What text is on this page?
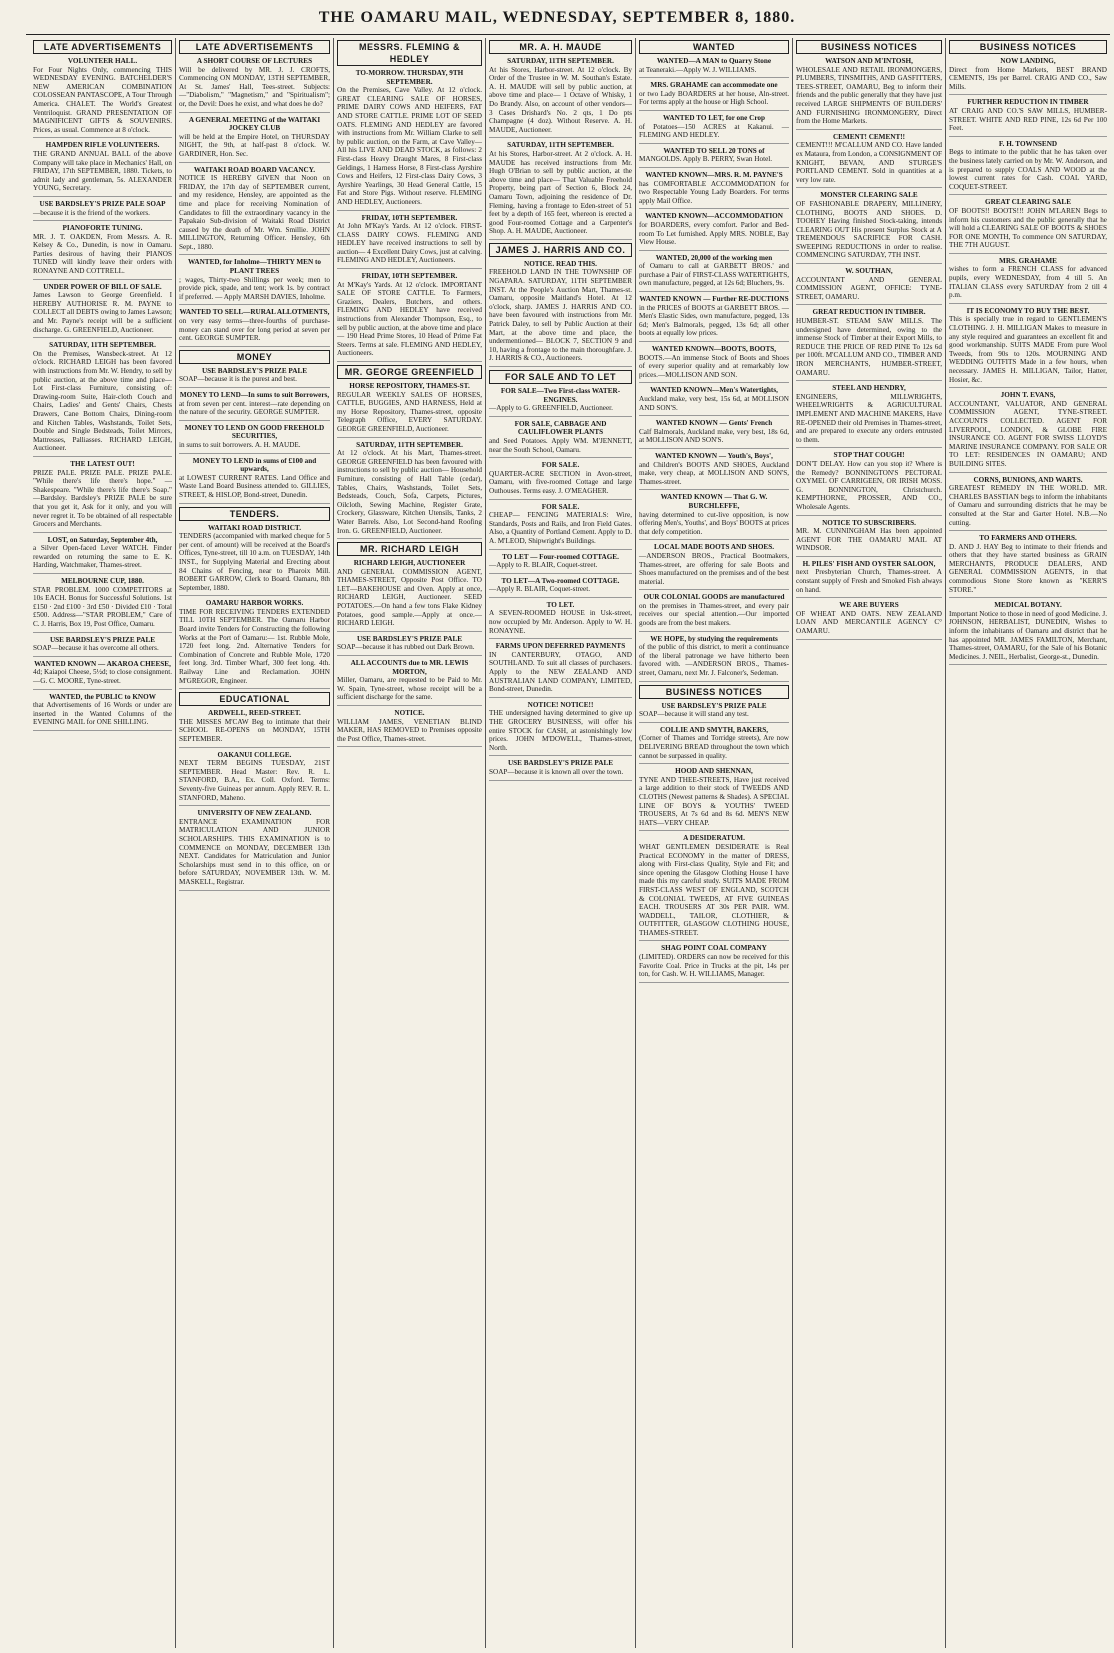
THE OAMARU MAIL, WEDNESDAY, SEPTEMBER 8, 1880.
LATE ADVERTISEMENTS
VOLUNTEER HALL.
For Four Nights Only, commencing THIS WEDNESDAY EVENING. BATCHELDER'S NEW AMERICAN COMBINATION COLOSSEAN PANTASCOPE, A Tour Through America. CHALET. The World's Greatest Ventriloquist. GRAND PRESENTATION OF MAGNIFICENT GIFTS & SOUVENIRS. Prices, as usual. Commence at 8 o'clock.
HAMPDEN RIFLE VOLUNTEERS.
THE GRAND ANNUAL BALL of the above Company will take place in Mechanics' Hall, on FRIDAY, 17th SEPTEMBER, 1880. Tickets, to admit lady and gentleman, 5s. ALEXANDER YOUNG, Secretary.
USE BARDSLEY'S PRIZE PALE SOAP
—because it is the friend of the workers.
PIANOFORTE TUNING.
MR. J. T. OAKDEN, From Messrs. A. R. Kelsey & Co., Dunedin, is now in Oamaru. Parties desirous of having their PIANOS TUNED will kindly leave their orders with RONAYNE AND COTTRELL.
UNDER POWER OF BILL OF SALE.
James Lawson to George Greenfield. I HEREBY AUTHORISE R. M. PAYNE to COLLECT all DEBTS owing to James Lawson; and Mr. Payne's receipt will be a sufficient discharge. G. GREENFIELD, Auctioneer.
SATURDAY, 11TH SEPTEMBER.
On the Premises, Wansbeck-street. At 12 o'clock. RICHARD LEIGH has been favored with instructions from Mr. W. Hendry, to sell by public auction, at the above time and place— Lot First-class Furniture, consisting of: Drawing-room Suite, Hair-cloth Couch and Chairs, Ladies' and Gents' Chairs, Chests Drawers, Cane Bottom Chairs, Dining-room and Kitchen Tables, Washstands, Toilet Sets, Double and Single Bedsteads, Toilet Mirrors, Mattresses, Palliasses. RICHARD LEIGH, Auctioneer.
THE LATEST OUT!
PRIZE PALE. PRIZE PALE. PRIZE PALE. "While there's life there's hope." —Shakespeare. "While there's life there's Soap." —Bardsley. Bardsley's PRIZE PALE be sure that you get it, Ask for it only, and you will never regret it. To be obtained of all respectable Grocers and Merchants.
LOST, on Saturday, September 4th,
a Silver Open-faced Lever WATCH. Finder rewarded on returning the same to E. K. Harding, Watchmaker, Thames-street.
MELBOURNE CUP, 1880.
STAR PROBLEM. 1000 COMPETITORS at 10s EACH. Bonus for Successful Solutions. 1st £150 · 2nd £100 · 3rd £50 · Divided £10 · Total £500. Address—"STAR PROBLEM," Care of C. J. Harris, Box 19, Post Office, Oamaru.
USE BARDSLEY'S PRIZE PALE
SOAP—because it has overcome all others.
WANTED KNOWN — AKAROA CHEESE,
4d; Kaiapoi Cheese, 5½d; to close consignment.—G. C. MOORE, Tyne-street.
WANTED, the PUBLIC to KNOW
that Advertisements of 16 Words or under are inserted in the Wanted Columns of the EVENING MAIL for ONE SHILLING.
LATE ADVERTISEMENTS
A SHORT COURSE OF LECTURES
Will be delivered by MR. J. J. CROFTS, Commencing ON MONDAY, 13TH SEPTEMBER, At St. James' Hall, Tees-street. Subjects:—"Diabolism," "Magnetism," and "Spiritualism"; or, the Devil: Does he exist, and what does he do?
A GENERAL MEETING of the WAITAKI JOCKEY CLUB
will be held at the Empire Hotel, on THURSDAY NIGHT, the 9th, at half-past 8 o'clock. W. GARDINER, Hon. Sec.
WAITAKI ROAD BOARD VACANCY.
NOTICE IS HEREBY GIVEN that Noon on FRIDAY, the 17th day of SEPTEMBER current, and my residence, Hensley, are appointed as the time and place for receiving Nomination of Candidates to fill the extraordinary vacancy in the Papakaio Sub-division of Waitaki Road District caused by the death of Mr. Wm. Smillie. JOHN MILLINGTON, Returning Officer. Hensley, 6th Sept., 1880.
WANTED, for Inholme—THIRTY MEN to PLANT TREES
; wages, Thirty-two Shillings per week; men to provide pick, spade, and tent; work 1s. by contract if preferred. — Apply MARSH DAVIES, Inholme.
WANTED TO SELL—RURAL ALLOTMENTS,
on very easy terms—three-fourths of purchase-money can stand over for long period at seven per cent. GEORGE SUMPTER.
MONEY
USE BARDSLEY'S PRIZE PALE
SOAP—because it is the purest and best.
MONEY TO LEND—In sums to suit Borrowers,
at from seven per cent. interest—rate depending on the nature of the security. GEORGE SUMPTER.
MONEY TO LEND ON GOOD FREEHOLD SECURITIES,
in sums to suit borrowers. A. H. MAUDE.
MONEY TO LEND in sums of £100 and upwards,
at LOWEST CURRENT RATES. Land Office and Waste Land Board Business attended to. GILLIES, STREET, & HISLOP, Bond-street, Dunedin.
TENDERS.
WAITAKI ROAD DISTRICT.
TENDERS (accompanied with marked cheque for 5 per cent. of amount) will be received at the Board's Offices, Tyne-street, till 10 a.m. on TUESDAY, 14th INST., for Supplying Material and Erecting about 84 Chains of Fencing, near to Pharoix Mill. ROBERT GARROW, Clerk to Board. Oamaru, 8th September, 1880.
OAMARU HARBOR WORKS.
TIME FOR RECEIVING TENDERS EXTENDED TILL 10TH SEPTEMBER. The Oamaru Harbor Board invite Tenders for Constructing the following Works at the Port of Oamaru:— 1st. Rubble Mole, 1720 feet long. 2nd. Alternative Tenders for Combination of Concrete and Rubble Mole, 1720 feet long. 3rd. Timber Wharf, 300 feet long. 4th. Railway Line and Reclamation. JOHN M'GREGOR, Engineer.
EDUCATIONAL
ARDWELL, REED-STREET.
THE MISSES M'CAW Beg to intimate that their SCHOOL RE-OPENS on MONDAY, 15TH SEPTEMBER.
OAKANUI COLLEGE.
NEXT TERM BEGINS TUESDAY, 21ST SEPTEMBER. Head Master: Rev. R. L. STANFORD, B.A., Ex. Coll. Oxford. Terms: Seventy-five Guineas per annum. Apply REV. R. L. STANFORD, Maheno.
UNIVERSITY OF NEW ZEALAND.
ENTRANCE EXAMINATION FOR MATRICULATION AND JUNIOR SCHOLARSHIPS. THIS EXAMINATION is to COMMENCE on MONDAY, DECEMBER 13th NEXT. Candidates for Matriculation and Junior Scholarships must send in to this office, on or before SATURDAY, NOVEMBER 13th. W. M. MASKELL, Registrar.
MESSRS. FLEMING & HEDLEY
TO-MORROW. THURSDAY, 9TH SEPTEMBER.
On the Premises, Cave Valley. At 12 o'clock. GREAT CLEARING SALE OF HORSES, PRIME DAIRY COWS AND HEIFERS, FAT AND STORE CATTLE. PRIME LOT OF SEED OATS. FLEMING AND HEDLEY are favored with instructions from Mr. William Clarke to sell by public auction, on the Farm, at Cave Valley—All his LIVE AND DEAD STOCK, as follows: 2 First-class Heavy Draught Mares, 8 First-class Geldings, 1 Harness Horse, 8 First-class Ayrshire Cows and Heifers, 12 First-class Dairy Cows, 3 Ayrshire Yearlings, 30 Head General Cattle, 15 Fat and Store Pigs. Without reserve. FLEMING AND HEDLEY, Auctioneers.
FRIDAY, 10TH SEPTEMBER.
At John M'Kay's Yards. At 12 o'clock. FIRST-CLASS DAIRY COWS. FLEMING AND HEDLEY have received instructions to sell by auction— 4 Excellent Dairy Cows, just at calving. FLEMING AND HEDLEY, Auctioneers.
FRIDAY, 10TH SEPTEMBER.
At M'Kay's Yards. At 12 o'clock. IMPORTANT SALE OF STORE CATTLE. To Farmers, Graziers, Dealers, Butchers, and others. FLEMING AND HEDLEY have received instructions from Alexander Thompson, Esq., to sell by public auction, at the above time and place— 190 Head Prime Stores, 10 Head of Prime Fat Steers. Terms at sale. FLEMING AND HEDLEY, Auctioneers.
MR. GEORGE GREENFIELD
HORSE REPOSITORY, THAMES-ST.
REGULAR WEEKLY SALES OF HORSES, CATTLE, BUGGIES, AND HARNESS, Held at my Horse Repository, Thames-street, opposite Telegraph Office, EVERY SATURDAY. GEORGE GREENFIELD, Auctioneer.
SATURDAY, 11TH SEPTEMBER.
At 12 o'clock. At his Mart, Thames-street. GEORGE GREENFIELD has been favoured with instructions to sell by public auction— Household Furniture, consisting of Hall Table (cedar), Tables, Chairs, Washstands, Toilet Sets, Bedsteads, Couch, Sofa, Carpets, Pictures, Oilcloth, Sewing Machine, Register Grate, Crockery, Glassware, Kitchen Utensils, Tanks, 2 Water Barrels. Also, Lot Second-hand Roofing Iron. G. GREENFIELD, Auctioneer.
MR. RICHARD LEIGH
RICHARD LEIGH, AUCTIONEER
AND GENERAL COMMISSION AGENT, THAMES-STREET, Opposite Post Office. TO LET—BAKEHOUSE and Oven. Apply at once, RICHARD LEIGH, Auctioneer. SEED POTATOES.—On hand a few tons Flake Kidney Potatoes, good sample.—Apply at once.—RICHARD LEIGH.
USE BARDSLEY'S PRIZE PALE
SOAP—because it has rubbed out Dark Brown.
ALL ACCOUNTS due to MR. LEWIS MORTON,
Miller, Oamaru, are requested to be Paid to Mr. W. Spain, Tyne-street, whose receipt will be a sufficient discharge for the same.
NOTICE.
WILLIAM JAMES, VENETIAN BLIND MAKER, HAS REMOVED to Premises opposite the Post Office, Thames-street.
MR. A. H. MAUDE
SATURDAY, 11TH SEPTEMBER.
At his Stores, Harbor-street. At 12 o'clock. By Order of the Trustee in W. M. Southan's Estate. A. H. MAUDE will sell by public auction, at above time and place— 1 Octave of Whisky, 1 Do Brandy. Also, on account of other vendors— 3 Cases Drishard's No. 2 qts, 1 Do pts Champagne (4 doz). Without Reserve. A. H. MAUDE, Auctioneer.
SATURDAY, 11TH SEPTEMBER.
At his Stores, Harbor-street. At 2 o'clock. A. H. MAUDE has received instructions from Mr. Hugh O'Brian to sell by public auction, at the above time and place— That Valuable Freehold Property, being part of Section 6, Block 24, Oamaru Town, adjoining the residence of Dr. Fleming, having a frontage to Eden-street of 51 feet by a depth of 165 feet, whereon is erected a good Four-roomed Cottage and a Carpenter's Shop. A. H. MAUDE, Auctioneer.
JAMES J. HARRIS AND CO.
NOTICE. READ THIS.
FREEHOLD LAND IN THE TOWNSHIP OF NGAPARA. SATURDAY, 11TH SEPTEMBER INST. At the People's Auction Mart, Thames-st. Oamaru, opposite Maitland's Hotel. At 12 o'clock, sharp. JAMES J. HARRIS AND CO. have been favoured with instructions from Mr. Patrick Daley, to sell by Public Auction at their Mart, at the above time and place, the undermentioned— BLOCK 7, SECTION 9 and 10, having a frontage to the main thoroughfare. J. J. HARRIS & CO., Auctioneers.
FOR SALE AND TO LET
FOR SALE—Two First-class WATER-ENGINES.
—Apply to G. GREENFIELD, Auctioneer.
FOR SALE, CABBAGE AND CAULIFLOWER PLANTS
and Seed Potatoes. Apply WM. M'JENNETT, near the South School, Oamaru.
FOR SALE.
QUARTER-ACRE SECTION in Avon-street, Oamaru, with five-roomed Cottage and large Outhouses. Terms easy. J. O'MEAGHER.
FOR SALE.
CHEAP— FENCING MATERIALS: Wire, Standards, Posts and Rails, and Iron Field Gates. Also, a Quantity of Portland Cement. Apply to D. A. M'LEOD, Shipwright's Buildings.
TO LET — Four-roomed COTTAGE.
—Apply to R. BLAIR, Coquet-street.
TO LET—A Two-roomed COTTAGE.
—Apply R. BLAIR, Coquet-street.
TO LET.
A SEVEN-ROOMED HOUSE in Usk-street, now occupied by Mr. Anderson. Apply to W. H. RONAYNE.
FARMS UPON DEFERRED PAYMENTS
IN CANTERBURY, OTAGO, AND SOUTHLAND. To suit all classes of purchasers. Apply to the NEW ZEALAND AND AUSTRALIAN LAND COMPANY, LIMITED, Bond-street, Dunedin.
NOTICE! NOTICE!!
THE undersigned having determined to give up THE GROCERY BUSINESS, will offer his entire STOCK for CASH, at astonishingly low prices. JOHN M'DOWELL, Thames-street, North.
USE BARDSLEY'S PRIZE PALE
SOAP—because it is known all over the town.
WANTED
WANTED—A MAN to Quarry Stone
at Teaneraki.—Apply W. J. WILLIAMS.
MRS. GRAHAME can accommodate one
or two Lady BOARDERS at her house, Aln-street. For terms apply at the house or High School.
WANTED TO LET, for one Crop
of Potatoes—150 ACRES at Kakanui. —FLEMING AND HEDLEY.
WANTED TO SELL 20 TONS of
MANGOLDS. Apply B. PERRY, Swan Hotel.
WANTED KNOWN—MRS. R. M. PAYNE'S
has COMFORTABLE ACCOMMODATION for two Respectable Young Lady Boarders. For terms apply Mail Office.
WANTED KNOWN—ACCOMMODATION
for BOARDERS, every comfort. Parlor and Bed-room To Let furnished. Apply MRS. NOBLE, Bay View House.
WANTED, 20,000 of the working men
of Oamaru to call at GARBETT BROS.' and purchase a Pair of FIRST-CLASS WATERTIGHTS, own manufacture, pegged, at 12s 6d; Bluchers, 9s.
WANTED KNOWN — Further RE-DUCTIONS
in the PRICES of BOOTS at GARBETT BROS. — Men's Elastic Sides, own manufacture, pegged, 13s 6d; Men's Balmorals, pegged, 13s 6d; all other boots at equally low prices.
WANTED KNOWN—BOOTS, BOOTS,
BOOTS.—An immense Stock of Boots and Shoes of every superior quality and at remarkably low prices.—MOLLISON AND SON.
WANTED KNOWN—Men's Watertights,
Auckland make, very best, 15s 6d, at MOLLISON AND SON'S.
WANTED KNOWN — Gents' French
Calf Balmorals, Auckland make, very best, 18s 6d, at MOLLISON AND SON'S.
WANTED KNOWN — Youth's, Boys',
and Children's BOOTS AND SHOES, Auckland make, very cheap, at MOLLISON AND SON'S, Thames-street.
WANTED KNOWN — That G. W. BURCHLEFFE,
having determined to cut-live opposition, is now offering Men's, Youths', and Boys' BOOTS at prices that defy competition.
LOCAL MADE BOOTS AND SHOES.
—ANDERSON BROS., Practical Bootmakers, Thames-street, are offering for sale Boots and Shoes manufactured on the premises and of the best material.
OUR COLONIAL GOODS are manufactured
on the premises in Thames-street, and every pair receives our special attention.—Our imported goods are from the best makers.
WE HOPE, by studying the requirements
of the public of this district, to merit a continuance of the liberal patronage we have hitherto been favored with. —ANDERSON BROS., Thames-street, Oamaru, next Mr. J. Falconer's, Sedeman.
BUSINESS NOTICES
USE BARDSLEY'S PRIZE PALE
SOAP—because it will stand any test.
COLLIE AND SMYTH, BAKERS,
(Corner of Thames and Torridge streets), Are now DELIVERING BREAD throughout the town which cannot be surpassed in quality.
HOOD AND SHENNAN,
TYNE AND THEE-STREETS, Have just received a large addition to their stock of TWEEDS AND CLOTHS (Newest patterns & Shades). A SPECIAL LINE OF BOYS & YOUTHS' TWEED TROUSERS, At 7s 6d and 8s 6d. MEN'S NEW HATS—VERY CHEAP.
A DESIDERATUM.
WHAT GENTLEMEN DESIDERATE is Real Practical ECONOMY in the matter of DRESS, along with First-class Quality, Style and Fit; and since opening the Glasgow Clothing House I have made this my careful study. SUITS MADE FROM FIRST-CLASS WEST OF ENGLAND, SCOTCH & COLONIAL TWEEDS, AT FIVE GUINEAS EACH. TROUSERS AT 30s PER PAIR. WM. WADDELL, TAILOR, CLOTHIER, & OUTFITTER, GLASGOW CLOTHING HOUSE, THAMES-STREET.
SHAG POINT COAL COMPANY
(LIMITED). ORDERS can now be received for this Favorite Coal. Price in Trucks at the pit, 14s per ton, for Cash. W. H. WILLIAMS, Manager.
BUSINESS NOTICES
WATSON AND M'INTOSH,
WHOLESALE AND RETAIL IRONMONGERS, PLUMBERS, TINSMITHS, AND GASFITTERS, TEES-STREET, OAMARU, Beg to inform their friends and the public generally that they have just received LARGE SHIPMENTS OF BUILDERS' AND FURNISHING IRONMONGERY, Direct from the Home Markets.
CEMENT! CEMENT!!
CEMENT!!! M'CALLUM AND CO. Have landed ex Mataura, from London, a CONSIGNMENT OF KNIGHT, BEVAN, AND STURGE'S PORTLAND CEMENT. Sold in quantities at a very low rate.
MONSTER CLEARING SALE
OF FASHIONABLE DRAPERY, MILLINERY, CLOTHING, BOOTS AND SHOES. D. TOOHEY Having finished Stock-taking, intends CLEARING OUT His present Surplus Stock at A TREMENDOUS SACRIFICE FOR CASH. SWEEPING REDUCTIONS in order to realise. COMMENCING SATURDAY, 7TH INST.
W. SOUTHAN,
ACCOUNTANT AND GENERAL COMMISSION AGENT, OFFICE: TYNE-STREET, OAMARU.
GREAT REDUCTION IN TIMBER.
HUMBER-ST. STEAM SAW MILLS. The undersigned have determined, owing to the immense Stock of Timber at their Export Mills, to REDUCE THE PRICE OF RED PINE To 12s 6d per 100ft. M'CALLUM AND CO., TIMBER AND IRON MERCHANTS, HUMBER-STREET, OAMARU.
STEEL AND HENDRY,
ENGINEERS, MILLWRIGHTS, WHEELWRIGHTS & AGRICULTURAL IMPLEMENT AND MACHINE MAKERS, Have RE-OPENED their old Premises in Thames-street, and are prepared to execute any orders entrusted to them.
STOP THAT COUGH!
DON'T DELAY. How can you stop it? Where is the Remedy? BONNINGTON'S PECTORAL OXYMEL OF CARRIGEEN, OR IRISH MOSS. G. BONNINGTON, Christchurch. KEMPTHORNE, PROSSER, AND CO., Wholesale Agents.
NOTICE TO SUBSCRIBERS.
MR. M. CUNNINGHAM Has been appointed AGENT FOR THE OAMARU MAIL AT WINDSOR.
H. PILES' FISH AND OYSTER SALOON,
next Presbyterian Church, Thames-street. A constant supply of Fresh and Smoked Fish always on hand.
WE ARE BUYERS
OF WHEAT AND OATS. NEW ZEALAND LOAN AND MERCANTILE AGENCY C° OAMARU.
BUSINESS NOTICES
NOW LANDING,
Direct from Home Markets, BEST BRAND CEMENTS, 19s per Barrel. CRAIG AND CO., Saw Mills.
FURTHER REDUCTION IN TIMBER
AT CRAIG AND CO.'S SAW MILLS, HUMBER-STREET. WHITE AND RED PINE, 12s 6d Per 100 Feet.
F. H. TOWNSEND
Begs to intimate to the public that he has taken over the business lately carried on by Mr. W. Anderson, and is prepared to supply COALS AND WOOD at the lowest current rates for Cash. COAL YARD, COQUET-STREET.
GREAT CLEARING SALE
OF BOOTS!! BOOTS!!! JOHN M'LAREN Begs to inform his customers and the public generally that he will hold a CLEARING SALE OF BOOTS & SHOES FOR ONE MONTH, To commence ON SATURDAY, THE 7TH AUGUST.
MRS. GRAHAME
wishes to form a FRENCH CLASS for advanced pupils, every WEDNESDAY, from 4 till 5. An ITALIAN CLASS every SATURDAY from 2 till 4 p.m.
IT IS ECONOMY TO BUY THE BEST.
This is specially true in regard to GENTLEMEN'S CLOTHING. J. H. MILLIGAN Makes to measure in any style required and guarantees an excellent fit and good workmanship. SUITS MADE From pure Wool Tweeds, from 90s to 120s. MOURNING AND WEDDING OUTFITS Made in a few hours, when necessary. JAMES H. MILLIGAN, Tailor, Hatter, Hosier, &c.
JOHN T. EVANS,
ACCOUNTANT, VALUATOR, AND GENERAL COMMISSION AGENT, TYNE-STREET. ACCOUNTS COLLECTED. AGENT FOR LIVERPOOL, LONDON, & GLOBE FIRE INSURANCE CO. AGENT FOR SWISS LLOYD'S MARINE INSURANCE COMPANY. FOR SALE OR TO LET: RESIDENCES IN OAMARU; AND BUILDING SITES.
CORNS, BUNIONS, AND WARTS.
GREATEST REMEDY IN THE WORLD. MR. CHARLES BASSTIAN begs to inform the inhabitants of Oamaru and surrounding districts that he may be consulted at the Star and Garter Hotel. N.B.—No cutting.
TO FARMERS AND OTHERS.
D. AND J. HAY Beg to intimate to their friends and others that they have started business as GRAIN MERCHANTS, PRODUCE DEALERS, AND GENERAL COMMISSION AGENTS, in that commodious Stone Store known as "KERR'S STORE."
MEDICAL BOTANY.
Important Notice to those in need of good Medicine. J. JOHNSON, HERBALIST, DUNEDIN, Wishes to inform the inhabitants of Oamaru and district that he has appointed MR. JAMES FAMILTON, Merchant, Thames-street, OAMARU, for the Sale of his Botanic Medicines. J. NEIL, Herbalist, George-st., Dunedin.
